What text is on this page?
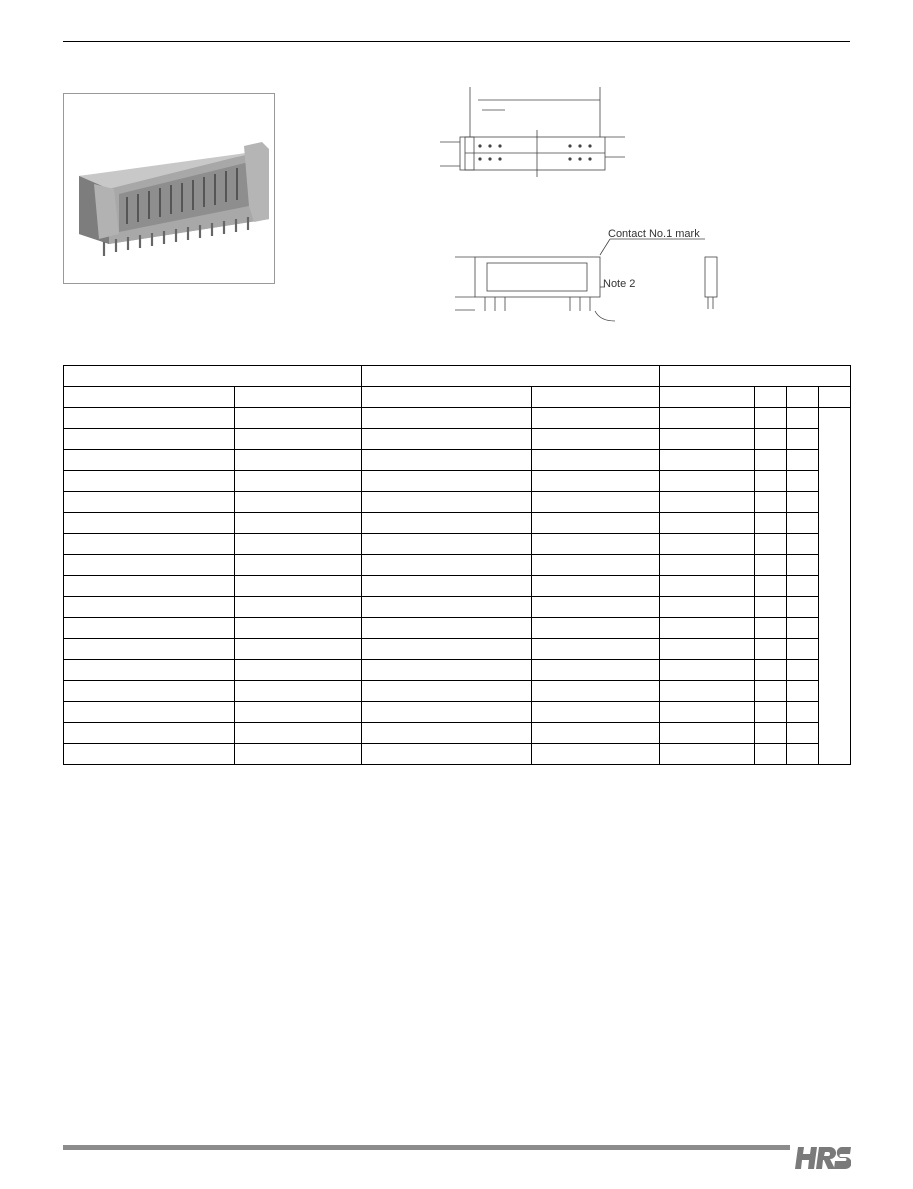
Contact No.1 mark
Note 2
